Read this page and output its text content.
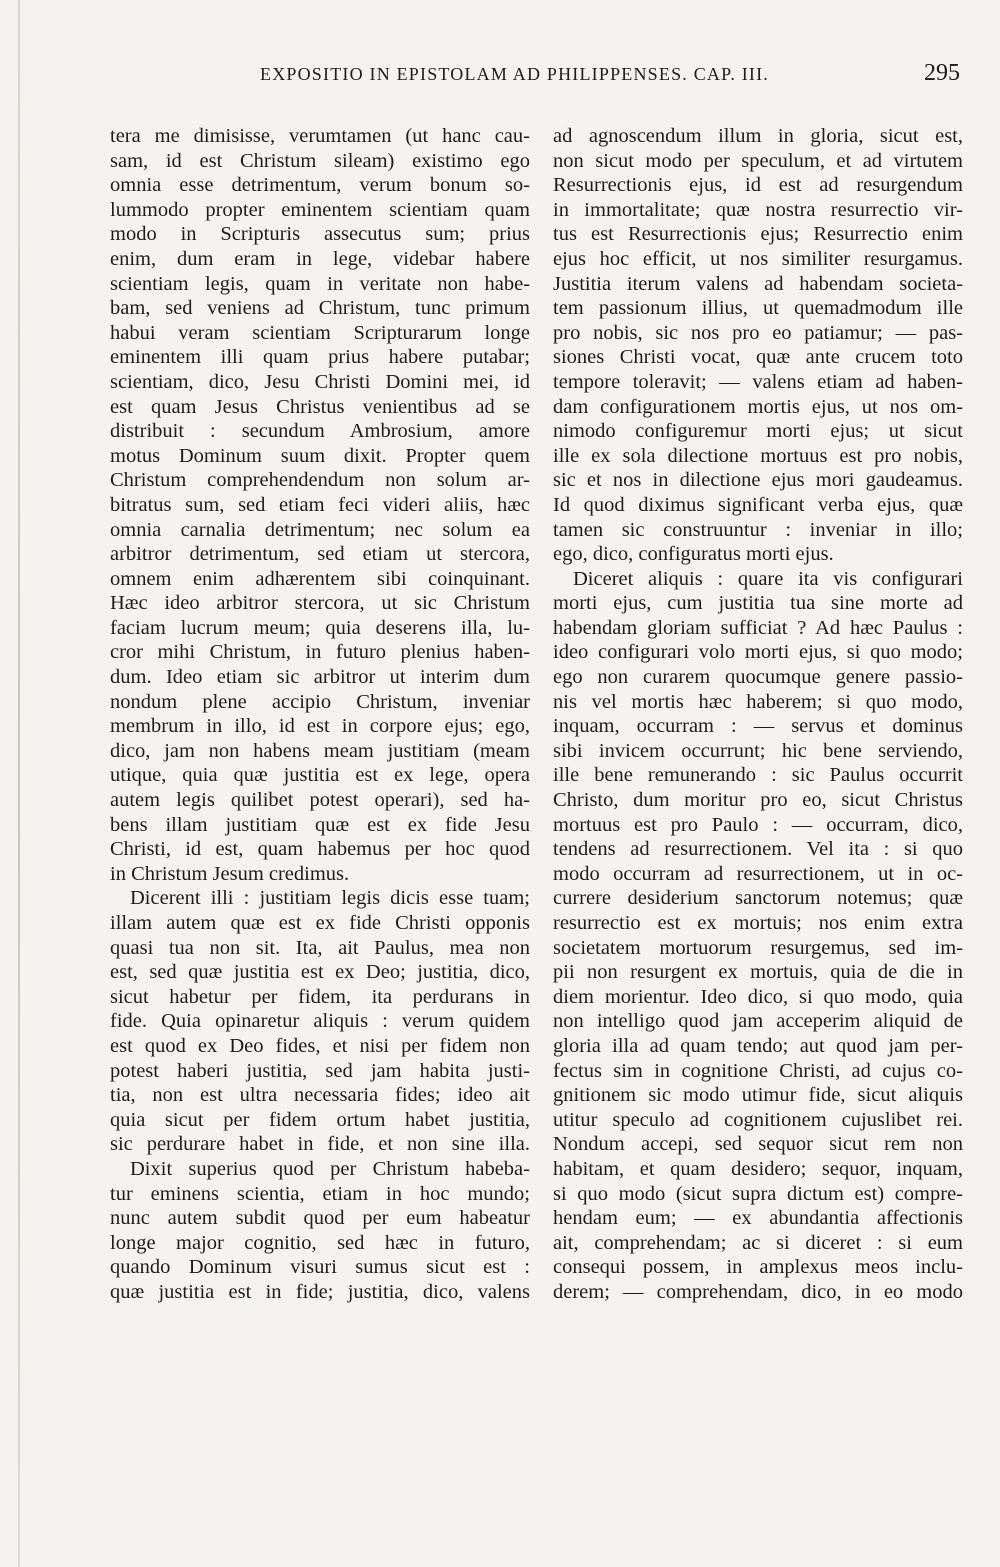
EXPOSITIO IN EPISTOLAM AD PHILIPPENSES. CAP. III.	295
tera me dimisisse, verumtamen (ut hanc cau-
sam, id est Christum sileam) existimo ego
omnia esse detrimentum, verum bonum so-
lummodo propter eminentem scientiam quam
modo in Scripturis assecutus sum; prius
enim, dum eram in lege, videbar habere
scientiam legis, quam in veritate non habe-
bam, sed veniens ad Christum, tunc primum
habui veram scientiam Scripturarum longe
eminentem illi quam prius habere putabar;
scientiam, dico, Jesu Christi Domini mei, id
est quam Jesus Christus venientibus ad se
distribuit : secundum Ambrosium, amore
motus Dominum suum dixit. Propter quem
Christum comprehendendum non solum ar-
bitratus sum, sed etiam feci videri aliis, hæc
omnia carnalia detrimentum; nec solum ea
arbitror detrimentum, sed etiam ut stercora,
omnem enim adhærentem sibi coinquinant.
Hæc ideo arbitror stercora, ut sic Christum
faciam lucrum meum; quia deserens illa, lu-
cror mihi Christum, in futuro plenius haben-
dum. Ideo etiam sic arbitror ut interim dum
nondum plene accipio Christum, inveniar
membrum in illo, id est in corpore ejus; ego,
dico, jam non habens meam justitiam (meam
utique, quia quæ justitia est ex lege, opera
autem legis quilibet potest operari), sed ha-
bens illam justitiam quæ est ex fide Jesu
Christi, id est, quam habemus per hoc quod
in Christum Jesum credimus.
Dicerent illi : justitiam legis dicis esse tuam;
illam autem quæ est ex fide Christi opponis
quasi tua non sit. Ita, ait Paulus, mea non
est, sed quæ justitia est ex Deo; justitia, dico,
sicut habetur per fidem, ita perdurans in
fide. Quia opinaretur aliquis : verum quidem
est quod ex Deo fides, et nisi per fidem non
potest haberi justitia, sed jam habita justi-
tia, non est ultra necessaria fides; ideo ait
quia sicut per fidem ortum habet justitia,
sic perdurare habet in fide, et non sine illa.
Dixit superius quod per Christum habeba-
tur eminens scientia, etiam in hoc mundo;
nunc autem subdit quod per eum habeatur
longe major cognitio, sed hæc in futuro,
quando Dominum visuri sumus sicut est :
quæ justitia est in fide; justitia, dico, valens
ad agnoscendum illum in gloria, sicut est,
non sicut modo per speculum, et ad virtutem
Resurrectionis ejus, id est ad resurgendum
in immortalitate; quæ nostra resurrectio vir-
tus est Resurrectionis ejus; Resurrectio enim
ejus hoc efficit, ut nos similiter resurgamus.
Justitia iterum valens ad habendam societa-
tem passionum illius, ut quemadmodum ille
pro nobis, sic nos pro eo patiamur; — pas-
siones Christi vocat, quæ ante crucem toto
tempore toleravit; — valens etiam ad haben-
dam configurationem mortis ejus, ut nos om-
nimodo configuremur morti ejus; ut sicut
ille ex sola dilectione mortuus est pro nobis,
sic et nos in dilectione ejus mori gaudeamus.
Id quod diximus significant verba ejus, quæ
tamen sic construuntur : inveniar in illo;
ego, dico, configuratus morti ejus.
Diceret aliquis : quare ita vis configurari
morti ejus, cum justitia tua sine morte ad
habendam gloriam sufficiat ? Ad hæc Paulus :
ideo configurari volo morti ejus, si quo modo;
ego non curarem quocumque genere passio-
nis vel mortis hæc haberem; si quo modo,
inquam, occurram : — servus et dominus
sibi invicem occurrunt; hic bene serviendo,
ille bene remunerando : sic Paulus occurrit
Christo, dum moritur pro eo, sicut Christus
mortuus est pro Paulo : — occurram, dico,
tendens ad resurrectionem. Vel ita : si quo
modo occurram ad resurrectionem, ut in oc-
currere desiderium sanctorum notemus; quæ
resurrectio est ex mortuis; nos enim extra
societatem mortuorum resurgemus, sed im-
pii non resurgent ex mortuis, quia de die in
diem morientur. Ideo dico, si quo modo, quia
non intelligo quod jam acceperim aliquid de
gloria illa ad quam tendo; aut quod jam per-
fectus sim in cognitione Christi, ad cujus co-
gnitionem sic modo utimur fide, sicut aliquis
utitur speculo ad cognitionem cujuslibet rei.
Nondum accepi, sed sequor sicut rem non
habitam, et quam desidero; sequor, inquam,
si quo modo (sicut supra dictum est) compre-
hendam eum; — ex abundantia affectionis
ait, comprehendam; ac si diceret : si eum
consequi possem, in amplexus meos inclu-
derem; — comprehendam, dico, in eo modo
